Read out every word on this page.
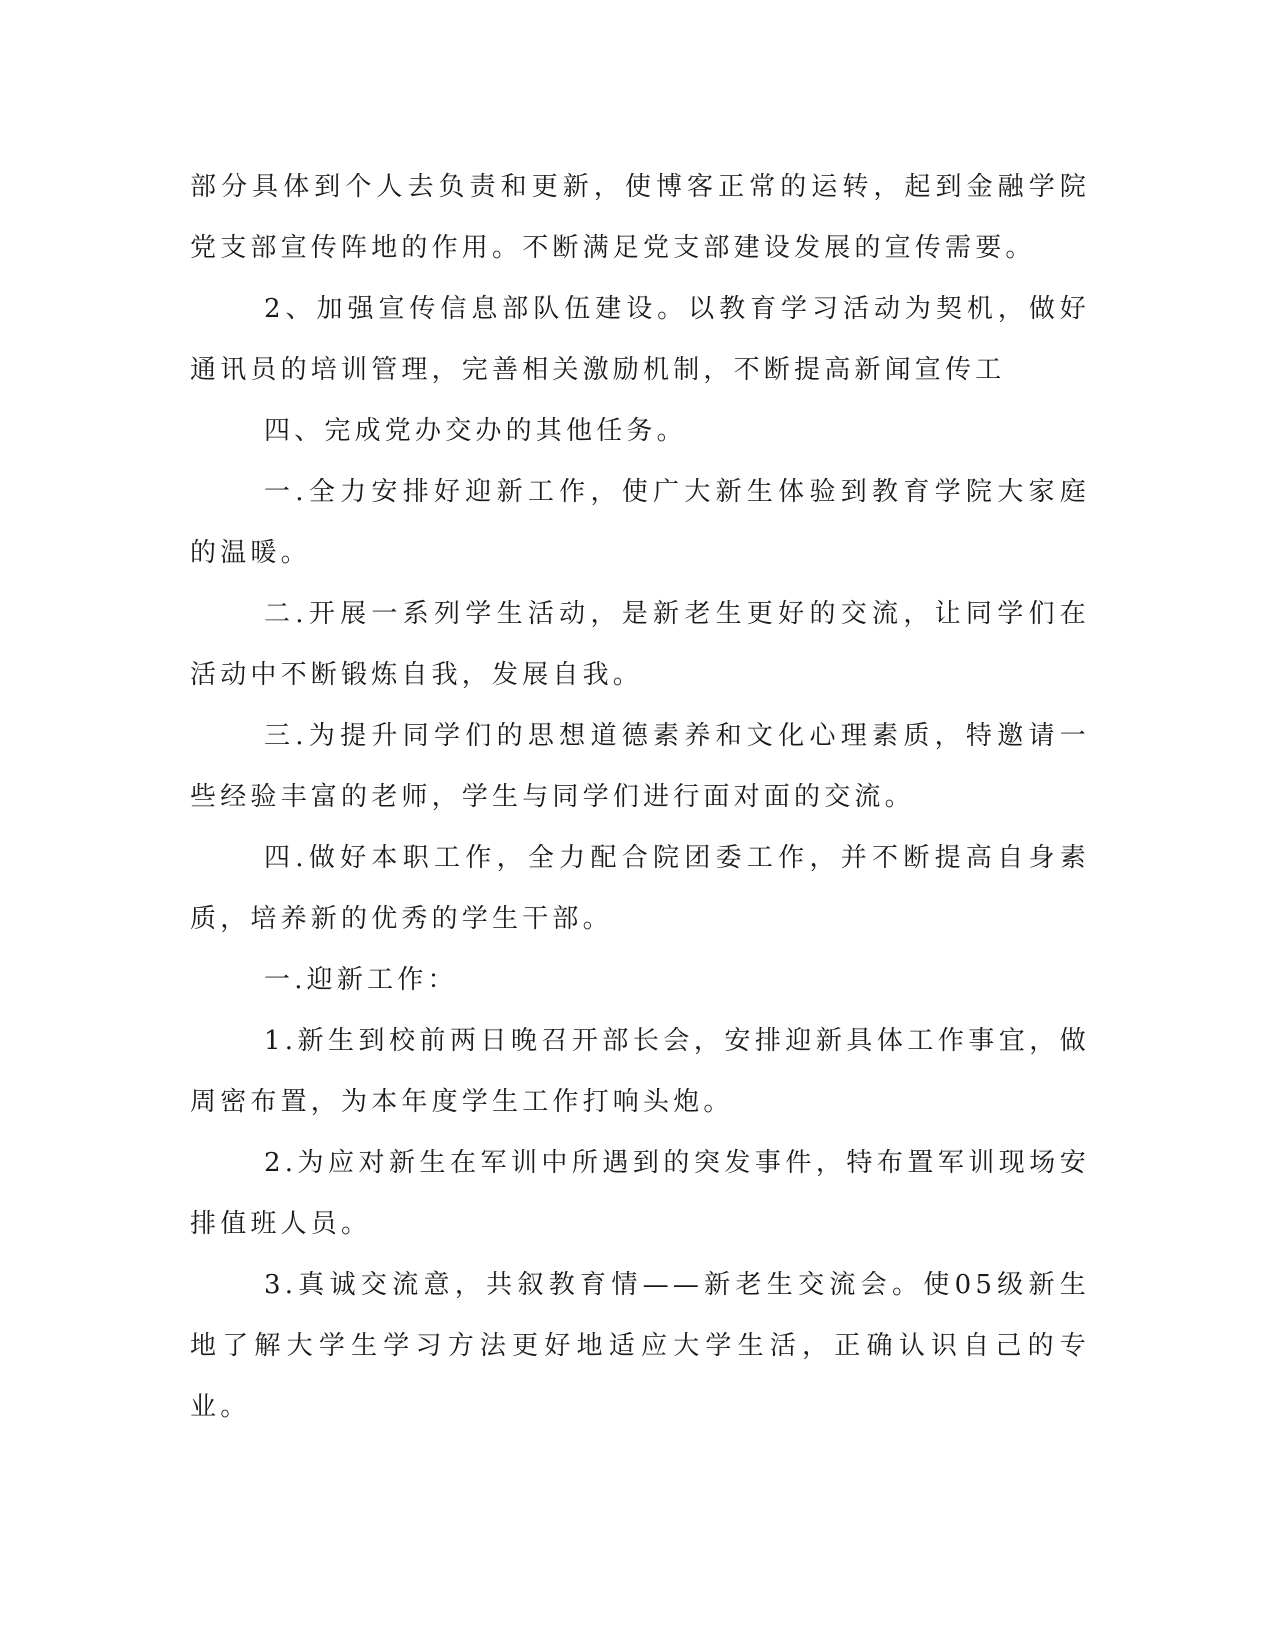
部分具体到个人去负责和更新，使博客正常的运转，起到金融学院党支部宣传阵地的作用。不断满足党支部建设发展的宣传需要。

2、加强宣传信息部队伍建设。以教育学习活动为契机，做好通讯员的培训管理，完善相关激励机制，不断提高新闻宣传工

四、完成党办交办的其他任务。

一.全力安排好迎新工作，使广大新生体验到教育学院大家庭的温暖。

二.开展一系列学生活动，是新老生更好的交流，让同学们在活动中不断锻炼自我，发展自我。

三.为提升同学们的思想道德素养和文化心理素质，特邀请一些经验丰富的老师，学生与同学们进行面对面的交流。

四.做好本职工作，全力配合院团委工作，并不断提高自身素质，培养新的优秀的学生干部。

一.迎新工作：

1.新生到校前两日晚召开部长会，安排迎新具体工作事宜，做周密布置，为本年度学生工作打响头炮。

2.为应对新生在军训中所遇到的突发事件，特布置军训现场安排值班人员。

3.真诚交流意，共叙教育情——新老生交流会。使05级新生地了解大学生学习方法更好地适应大学生活，正确认识自己的专业。
